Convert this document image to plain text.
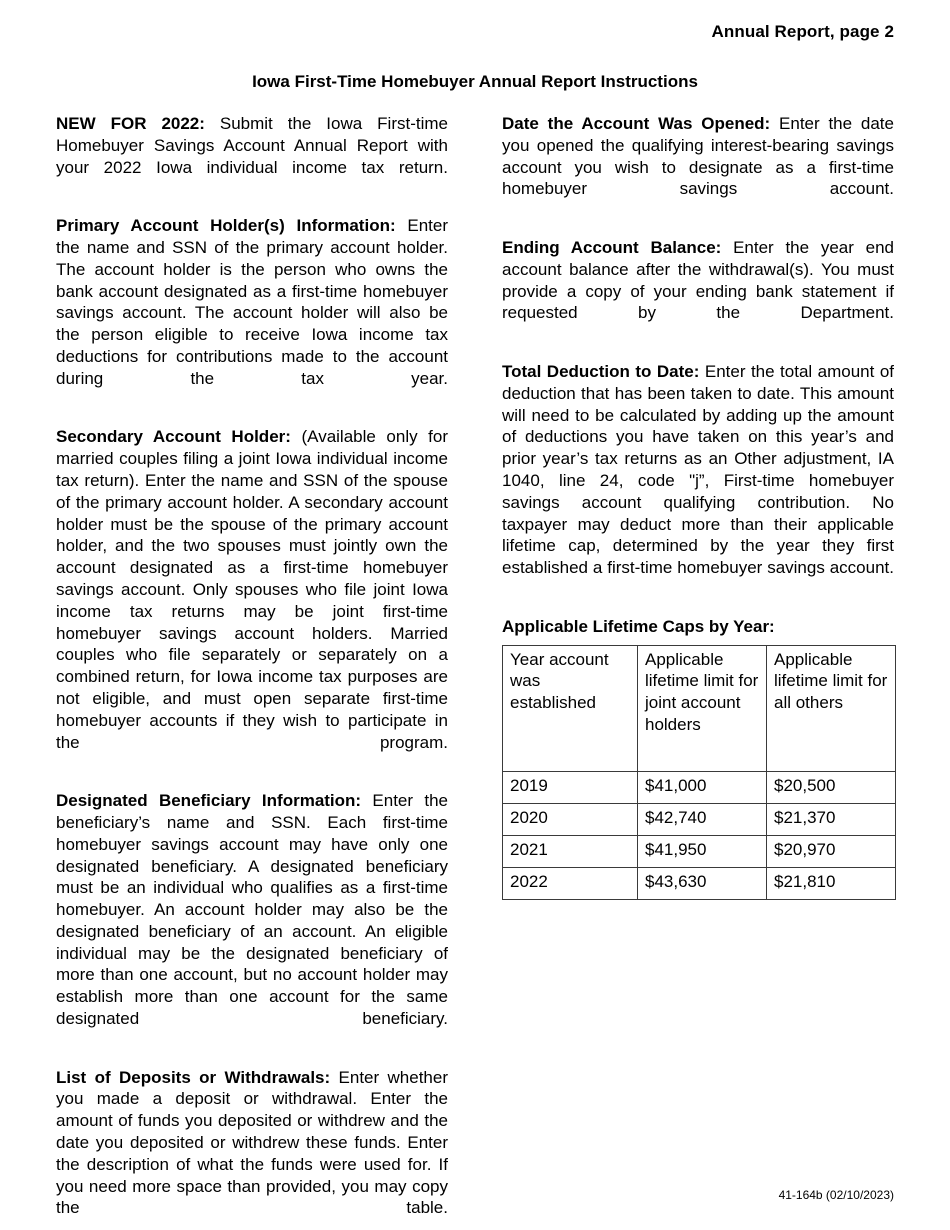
Annual Report, page 2
Iowa First-Time Homebuyer Annual Report Instructions

NEW FOR 2022: Submit the Iowa First-time Homebuyer Savings Account Annual Report with your 2022 Iowa individual income tax return.

Primary Account Holder(s) Information: Enter the name and SSN of the primary account holder. The account holder is the person who owns the bank account designated as a first-time homebuyer savings account. The account holder will also be the person eligible to receive Iowa income tax deductions for contributions made to the account during the tax year.

Secondary Account Holder: (Available only for married couples filing a joint Iowa individual income tax return). Enter the name and SSN of the spouse of the primary account holder. A secondary account holder must be the spouse of the primary account holder, and the two spouses must jointly own the account designated as a first-time homebuyer savings account. Only spouses who file joint Iowa income tax returns may be joint first-time homebuyer savings account holders. Married couples who file separately or separately on a combined return, for Iowa income tax purposes are not eligible, and must open separate first-time homebuyer accounts if they wish to participate in the program.

Designated Beneficiary Information: Enter the beneficiary’s name and SSN. Each first-time homebuyer savings account may have only one designated beneficiary. A designated beneficiary must be an individual who qualifies as a first-time homebuyer. An account holder may also be the designated beneficiary of an account. An eligible individual may be the designated beneficiary of more than one account, but no account holder may establish more than one account for the same designated beneficiary.

List of Deposits or Withdrawals: Enter whether you made a deposit or withdrawal. Enter the amount of funds you deposited or withdrew and the date you deposited or withdrew these funds. Enter the description of what the funds were used for. If you need more space than provided, you may copy the table.

Date the Account Was Opened: Enter the date you opened the qualifying interest-bearing savings account you wish to designate as a first-time homebuyer savings account.

Ending Account Balance: Enter the year end account balance after the withdrawal(s). You must provide a copy of your ending bank statement if requested by the Department.

Total Deduction to Date: Enter the total amount of deduction that has been taken to date. This amount will need to be calculated by adding up the amount of deductions you have taken on this year’s and prior year’s tax returns as an Other adjustment, IA 1040, line 24, code "j”, First-time homebuyer savings account qualifying contribution. No taxpayer may deduct more than their applicable lifetime cap, determined by the year they first established a first-time homebuyer savings account.

Applicable Lifetime Caps by Year:
Year account was established	Applicable lifetime limit for joint account holders	Applicable lifetime limit for all others
2019	$41,000	$20,500
2020	$42,740	$21,370
2021	$41,950	$20,970
2022	$43,630	$21,810
41-164b (02/10/2023)
